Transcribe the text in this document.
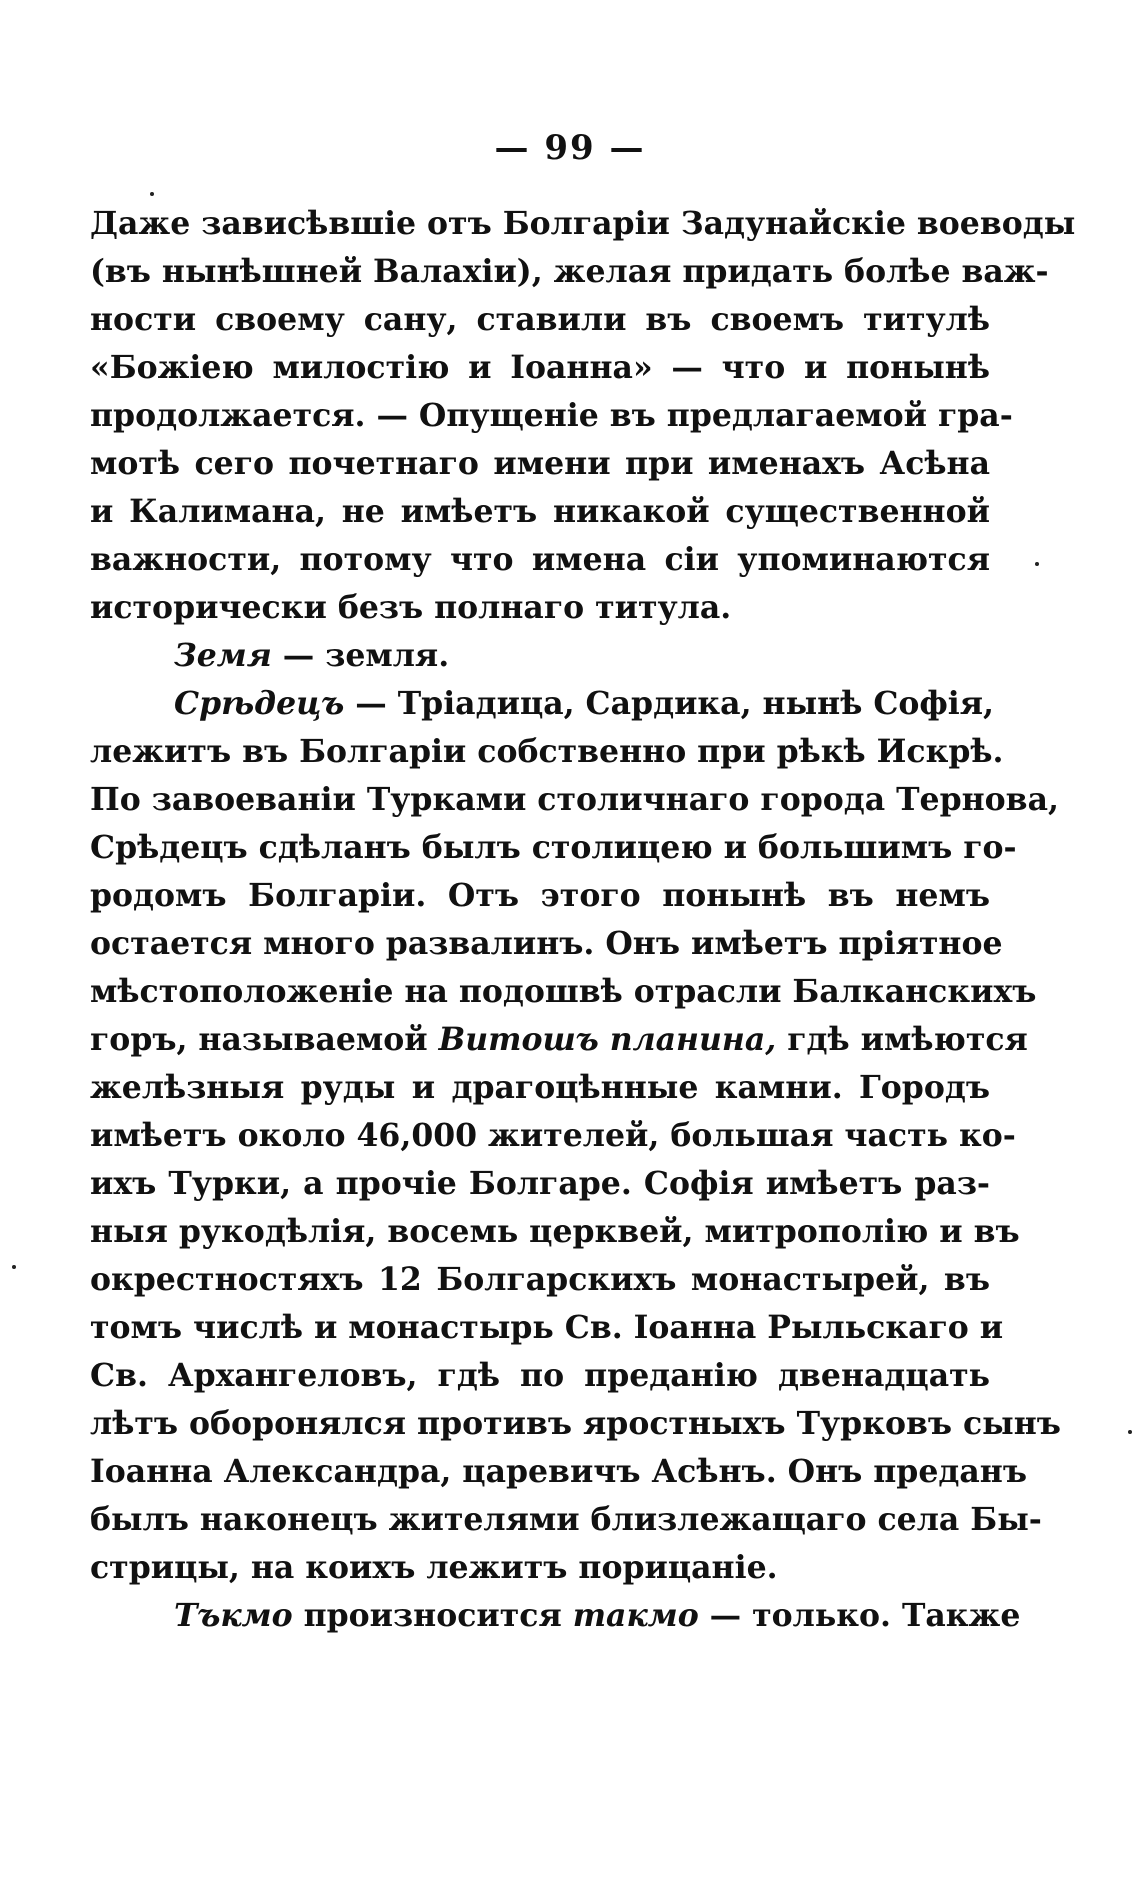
— 99 —
Даже зависѣвшіе отъ Болгаріи Задунайскіе воеводы
(въ нынѣшней Валахіи), желая придать болѣе важ-
ности своему сану, ставили въ своемъ титулѣ
«Божіею милостію и Іоанна» — что и понынѣ
продолжается. — Опущеніе въ предлагаемой гра-
мотѣ сего почетнаго имени при именахъ Асѣна
и Калимана, не имѣетъ никакой существенной
важности, потому что имена сіи упоминаются
исторически безъ полнаго титула.
Земя — земля.
Срѣдецъ — Тріадица, Сардика, нынѣ Софія,
лежитъ въ Болгаріи собственно при рѣкѣ Искрѣ.
По завоеваніи Турками столичнаго города Тернова,
Срѣдецъ сдѣланъ былъ столицею и большимъ го-
родомъ Болгаріи. Отъ этого понынѣ въ немъ
остается много развалинъ. Онъ имѣетъ пріятное
мѣстоположеніе на подошвѣ отрасли Балканскихъ
горъ, называемой Витошъ планина, гдѣ имѣются
желѣзныя руды и драгоцѣнные камни. Городъ
имѣетъ около 46,000 жителей, большая часть ко-
ихъ Турки, а прочіе Болгаре. Софія имѣетъ раз-
ныя рукодѣлія, восемь церквей, митрополію и въ
окрестностяхъ 12 Болгарскихъ монастырей, въ
томъ числѣ и монастырь Св. Іоанна Рыльскаго и
Св. Архангеловъ, гдѣ по преданію двенадцать
лѣтъ оборонялся противъ яростныхъ Турковъ сынъ
Іоанна Александра, царевичъ Асѣнъ. Онъ преданъ
былъ наконецъ жителями близлежащаго села Бы-
стрицы, на коихъ лежитъ порицаніе.
Тъкмо произносится такмо — только. Также
